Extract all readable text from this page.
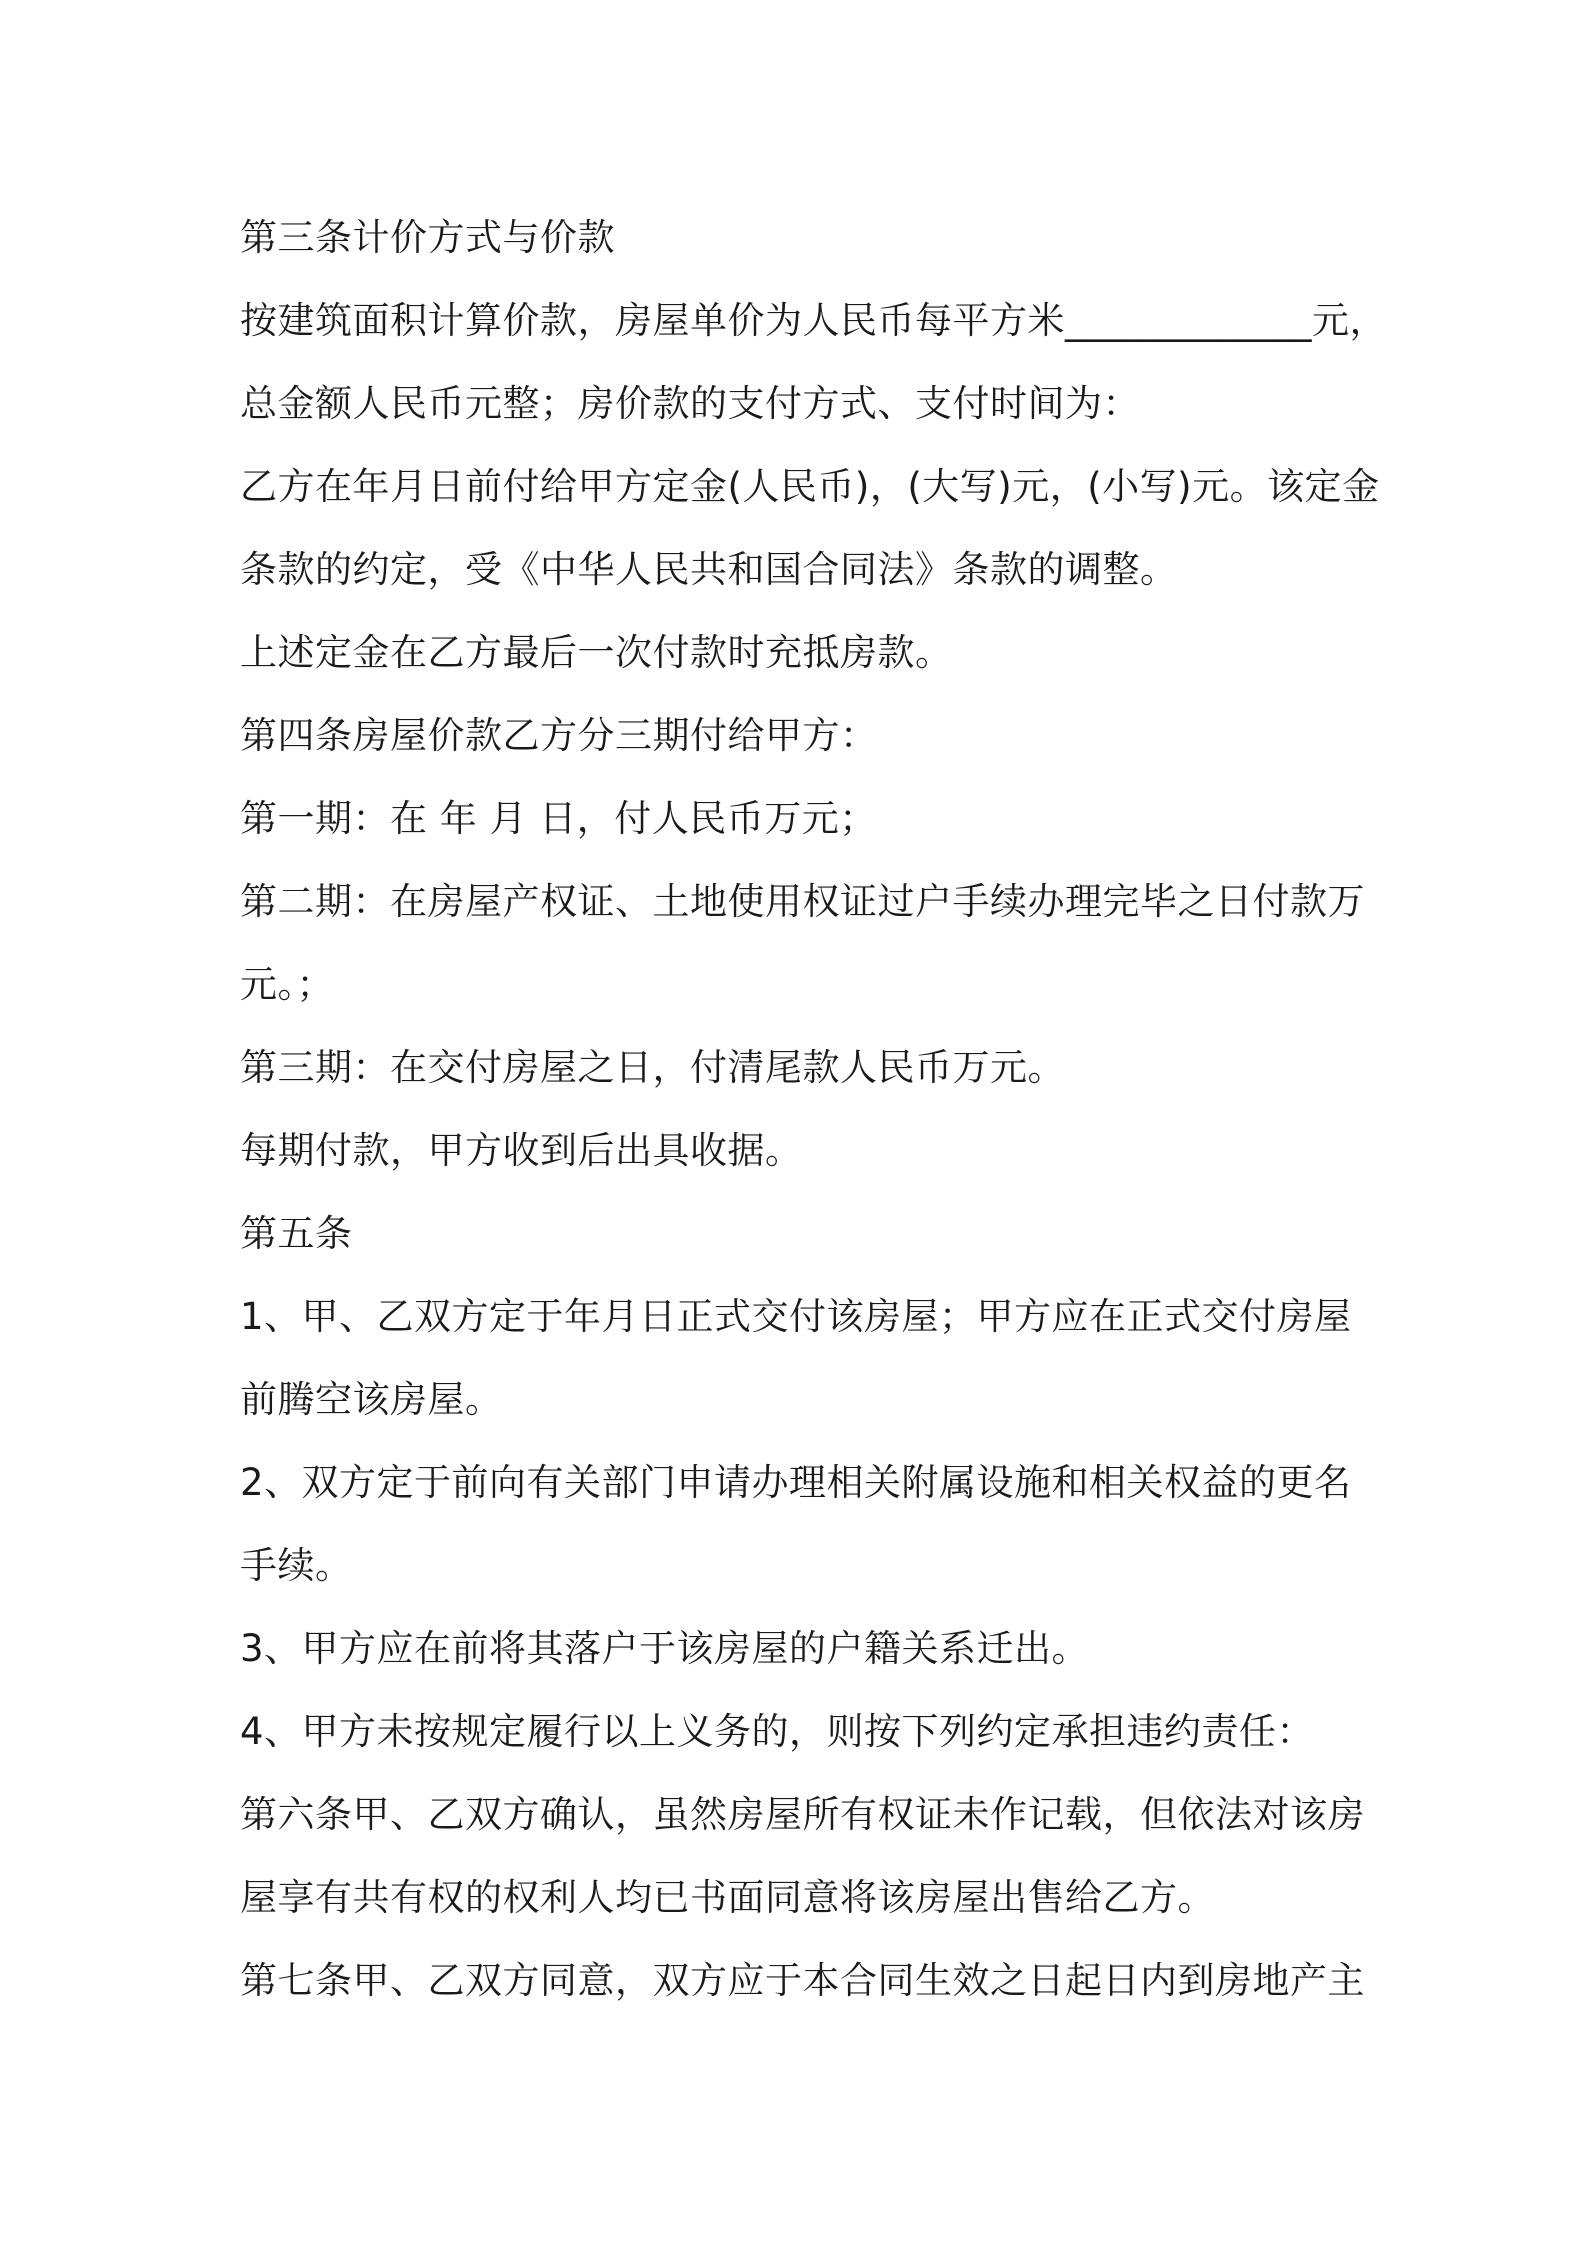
第三条计价方式与价款
按建筑面积计算价款，房屋单价为人民币每平方米_____________元，
总金额人民币元整；房价款的支付方式、支付时间为：
乙方在年月日前付给甲方定金(人民币)，(大写)元，(小写)元。该定金
条款的约定，受《中华人民共和国合同法》条款的调整。
上述定金在乙方最后一次付款时充抵房款。
第四条房屋价款乙方分三期付给甲方：
第一期：在 年 月 日，付人民币万元；
第二期：在房屋产权证、土地使用权证过户手续办理完毕之日付款万
元。；
第三期：在交付房屋之日，付清尾款人民币万元。
每期付款，甲方收到后出具收据。
第五条
1、甲、乙双方定于年月日正式交付该房屋；甲方应在正式交付房屋
前腾空该房屋。
2、双方定于前向有关部门申请办理相关附属设施和相关权益的更名
手续。
3、甲方应在前将其落户于该房屋的户籍关系迁出。
4、甲方未按规定履行以上义务的，则按下列约定承担违约责任：
第六条甲、乙双方确认，虽然房屋所有权证未作记载，但依法对该房
屋享有共有权的权利人均已书面同意将该房屋出售给乙方。
第七条甲、乙双方同意，双方应于本合同生效之日起日内到房地产主
